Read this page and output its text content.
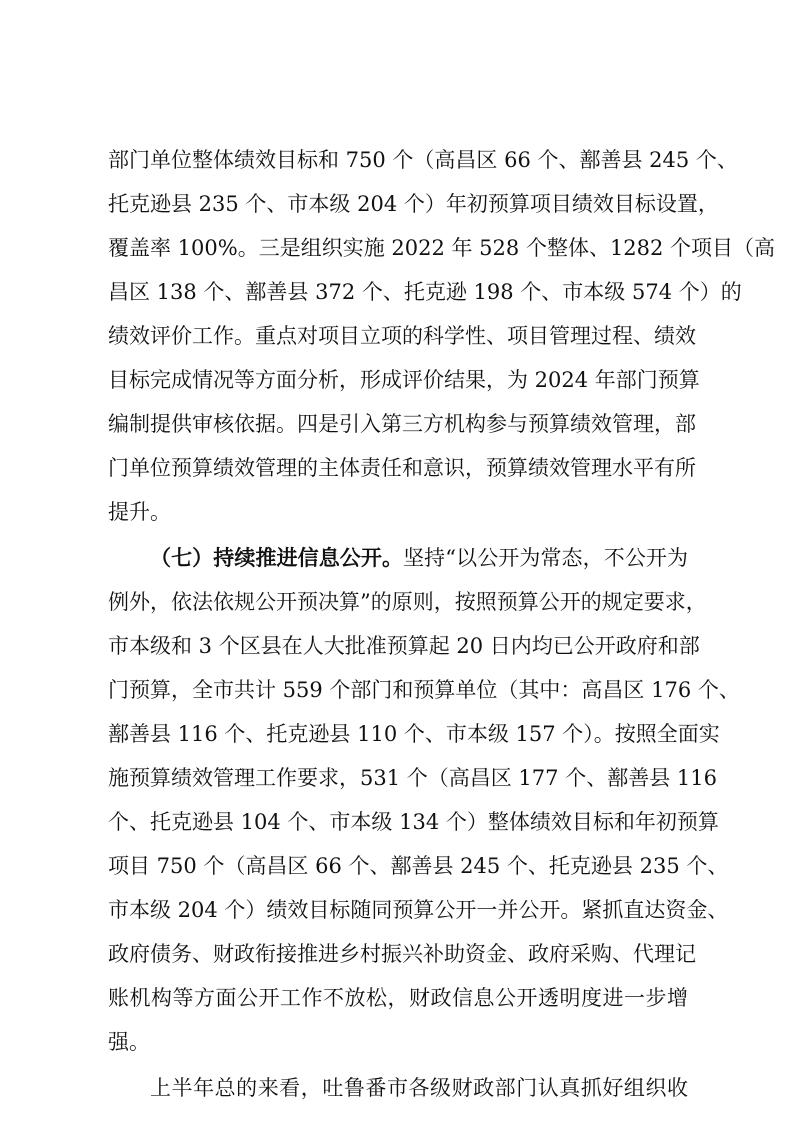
部门单位整体绩效目标和 750 个（高昌区 66 个、鄯善县 245 个、
托克逊县 235 个、市本级 204 个）年初预算项目绩效目标设置，
覆盖率 100%。三是组织实施 2022 年 528 个整体、1282 个项目（高
昌区 138 个、鄯善县 372 个、托克逊 198 个、市本级 574 个）的
绩效评价工作。重点对项目立项的科学性、项目管理过程、绩效
目标完成情况等方面分析，形成评价结果，为 2024 年部门预算
编制提供审核依据。四是引入第三方机构参与预算绩效管理，部
门单位预算绩效管理的主体责任和意识，预算绩效管理水平有所
提升。
（七）持续推进信息公开。坚持“以公开为常态，不公开为
例外，依法依规公开预决算”的原则，按照预算公开的规定要求，
市本级和 3 个区县在人大批准预算起 20 日内均已公开政府和部
门预算，全市共计 559 个部门和预算单位（其中：高昌区 176 个、
鄯善县 116 个、托克逊县 110 个、市本级 157 个）。按照全面实
施预算绩效管理工作要求，531 个（高昌区 177 个、鄯善县 116
个、托克逊县 104 个、市本级 134 个）整体绩效目标和年初预算
项目 750 个（高昌区 66 个、鄯善县 245 个、托克逊县 235 个、
市本级 204 个）绩效目标随同预算公开一并公开。紧抓直达资金、
政府债务、财政衔接推进乡村振兴补助资金、政府采购、代理记
账机构等方面公开工作不放松，财政信息公开透明度进一步增
强。
上半年总的来看，吐鲁番市各级财政部门认真抓好组织收
